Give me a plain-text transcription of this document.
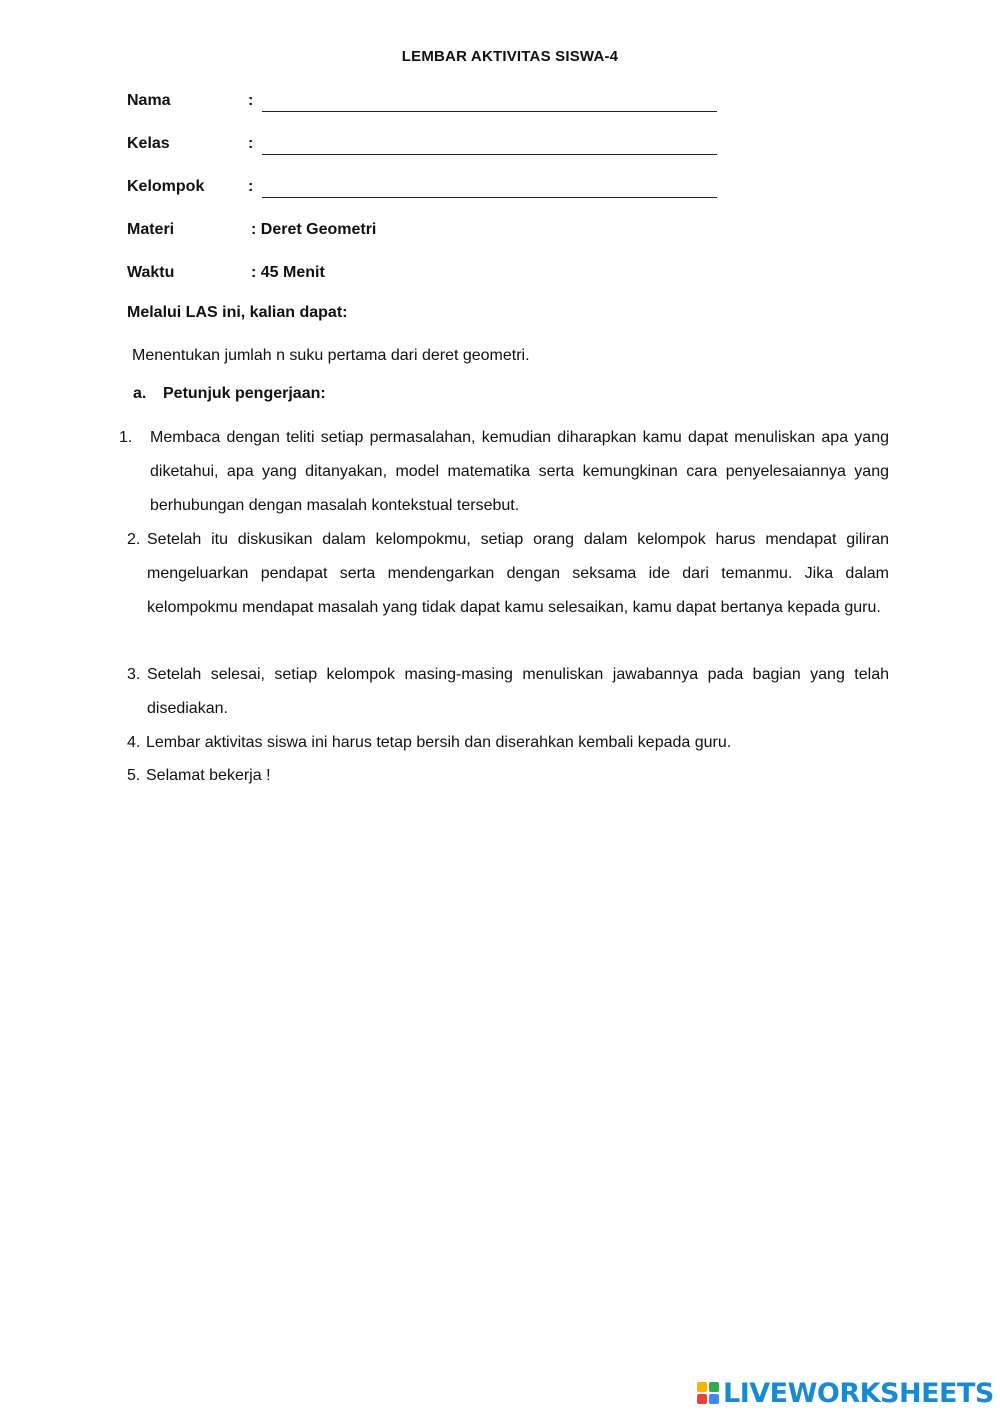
LEMBAR AKTIVITAS SISWA-4
Nama	:
Kelas	:
Kelompok	:
Materi	: Deret Geometri
Waktu	: 45 Menit
Melalui LAS ini, kalian dapat:
Menentukan jumlah n suku pertama dari deret geometri.
a. Petunjuk pengerjaan:
1. Membaca dengan teliti setiap permasalahan, kemudian diharapkan kamu dapat menuliskan apa yang diketahui, apa yang ditanyakan, model matematika serta kemungkinan cara penyelesaiannya yang berhubungan dengan masalah kontekstual tersebut.
2. Setelah itu diskusikan dalam kelompokmu, setiap orang dalam kelompok harus mendapat giliran mengeluarkan pendapat serta mendengarkan dengan seksama ide dari temanmu. Jika dalam kelompokmu mendapat masalah yang tidak dapat kamu selesaikan, kamu dapat bertanya kepada guru.
3. Setelah selesai, setiap kelompok masing-masing menuliskan jawabannya pada bagian yang telah disediakan.
4. Lembar aktivitas siswa ini harus tetap bersih dan diserahkan kembali kepada guru.
5. Selamat bekerja !
LIVEWORKSHEETS
